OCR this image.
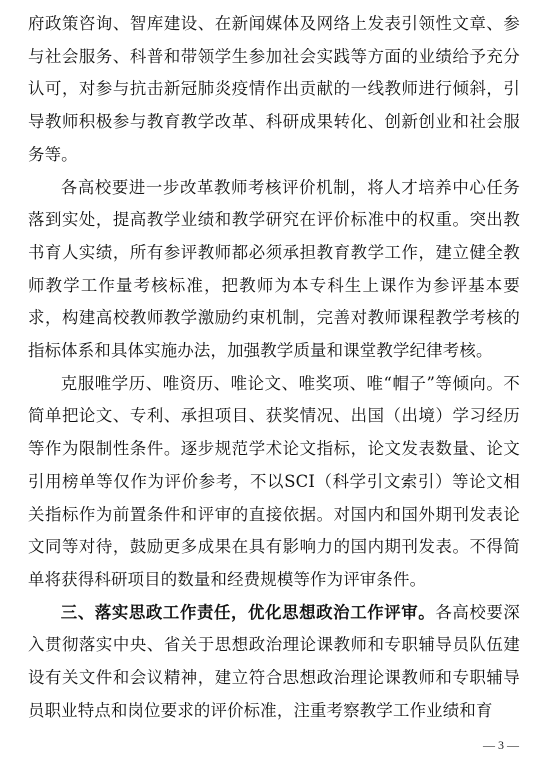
府政策咨询、智库建设、在新闻媒体及网络上发表引领性文章、参与社会服务、科普和带领学生参加社会实践等方面的业绩给予充分认可，对参与抗击新冠肺炎疫情作出贡献的一线教师进行倾斜，引导教师积极参与教育教学改革、科研成果转化、创新创业和社会服务等。

各高校要进一步改革教师考核评价机制，将人才培养中心任务落到实处，提高教学业绩和教学研究在评价标准中的权重。突出教书育人实绩，所有参评教师都必须承担教育教学工作，建立健全教师教学工作量考核标准，把教师为本专科生上课作为参评基本要求，构建高校教师教学激励约束机制，完善对教师课程教学考核的指标体系和具体实施办法，加强教学质量和课堂教学纪律考核。

克服唯学历、唯资历、唯论文、唯奖项、唯“帽子”等倾向。不简单把论文、专利、承担项目、获奖情况、出国（出境）学习经历等作为限制性条件。逐步规范学术论文指标，论文发表数量、论文引用榜单等仅作为评价参考，不以SCI（科学引文索引）等论文相关指标作为前置条件和评审的直接依据。对国内和国外期刊发表论文同等对待，鼓励更多成果在具有影响力的国内期刊发表。不得简单将获得科研项目的数量和经费规模等作为评审条件。

三、落实思政工作责任，优化思想政治工作评审。各高校要深入贯彻落实中央、省关于思想政治理论课教师和专职辅导员队伍建设有关文件和会议精神，建立符合思想政治理论课教师和专职辅导员职业特点和岗位要求的评价标准，注重考察教学工作业绩和育

— 3 —
